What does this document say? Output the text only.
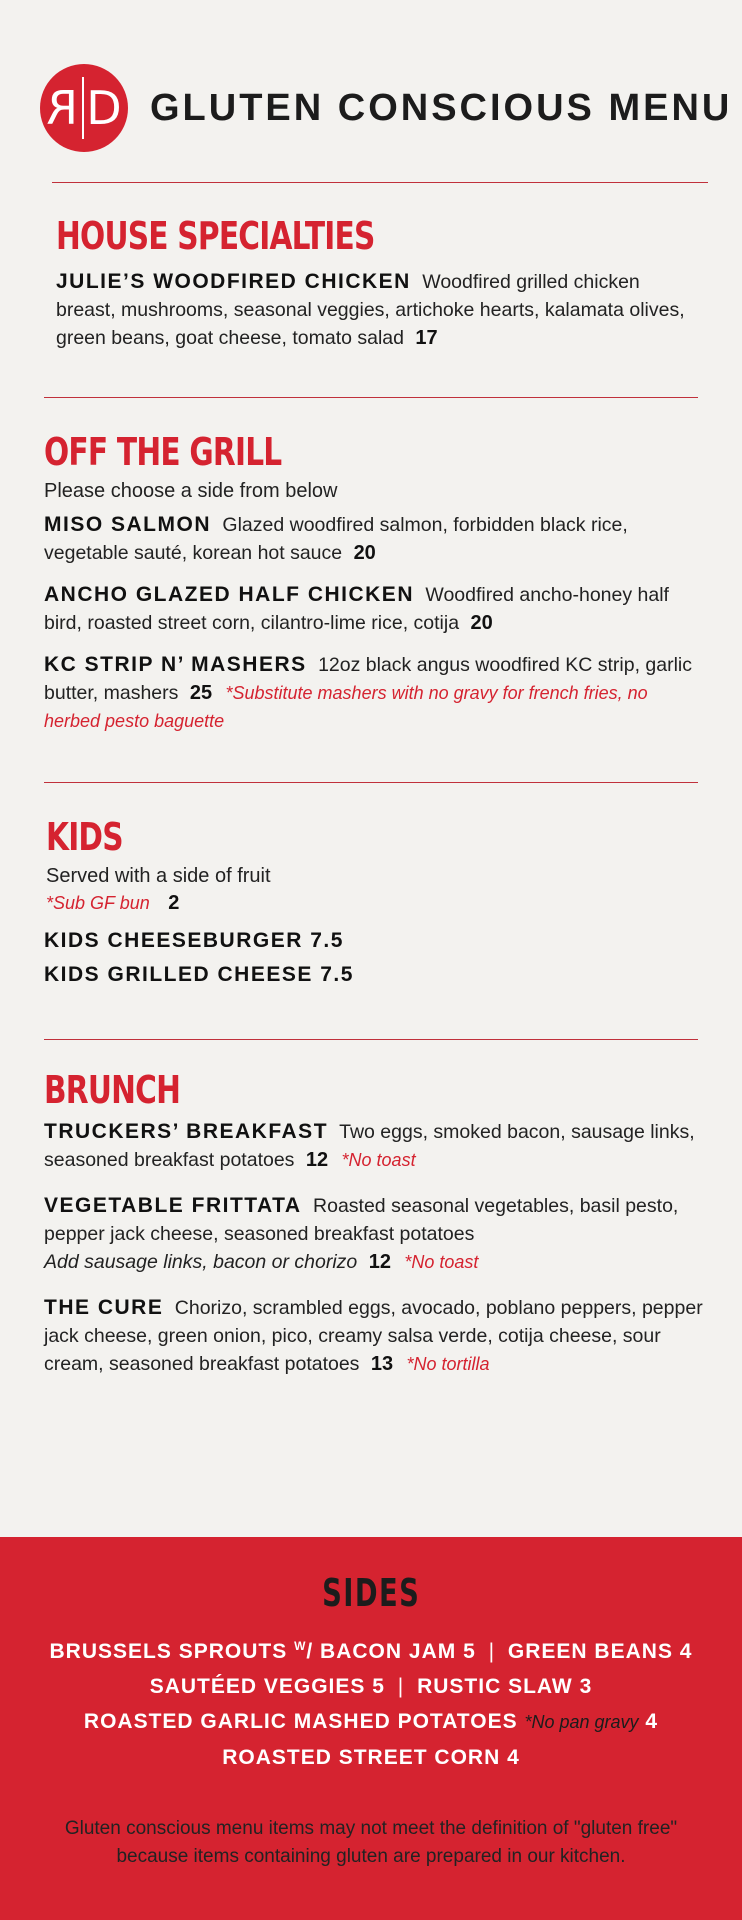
R D GLUTEN CONSCIOUS MENU
HOUSE SPECIALTIES
JULIE’S WOODFIRED CHICKEN Woodfired grilled chicken breast, mushrooms, seasonal veggies, artichoke hearts, kalamata olives, green beans, goat cheese, tomato salad 17
OFF THE GRILL
Please choose a side from below
MISO SALMON Glazed woodfired salmon, forbidden black rice, vegetable sauté, korean hot sauce 20
ANCHO GLAZED HALF CHICKEN Woodfired ancho-honey half bird, roasted street corn, cilantro-lime rice, cotija 20
KC STRIP N’ MASHERS 12oz black angus woodfired KC strip, garlic butter, mashers 25 *Substitute mashers with no gravy for french fries, no herbed pesto baguette
KIDS
Served with a side of fruit
*Sub GF bun 2
KIDS CHEESEBURGER 7.5
KIDS GRILLED CHEESE 7.5
BRUNCH
TRUCKERS’ BREAKFAST Two eggs, smoked bacon, sausage links, seasoned breakfast potatoes 12 *No toast
VEGETABLE FRITTATA Roasted seasonal vegetables, basil pesto, pepper jack cheese, seasoned breakfast potatoes
Add sausage links, bacon or chorizo 12 *No toast
THE CURE Chorizo, scrambled eggs, avocado, poblano peppers, pepper jack cheese, green onion, pico, creamy salsa verde, cotija cheese, sour cream, seasoned breakfast potatoes 13 *No tortilla
SIDES
BRUSSELS SPROUTS $^W$/ BACON JAM 5 | GREEN BEANS 4
SAUTÉED VEGGIES 5 | RUSTIC SLAW 3
ROASTED GARLIC MASHED POTATOES *No pan gravy 4
ROASTED STREET CORN 4
Gluten conscious menu items may not meet the definition of "gluten free" because items containing gluten are prepared in our kitchen.
